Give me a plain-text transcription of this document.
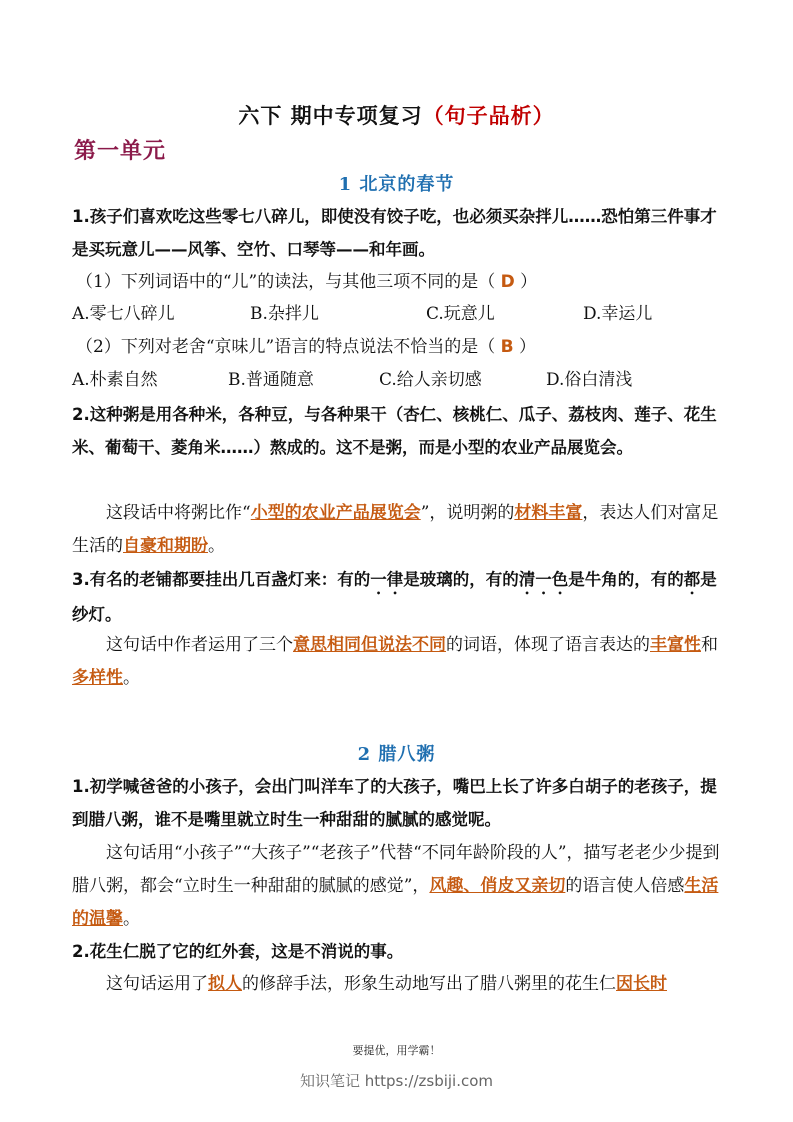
六下 期中专项复习（句子品析）
第一单元
1 北京的春节
1.孩子们喜欢吃这些零七八碎儿，即使没有饺子吃，也必须买杂拌儿……恐怕第三件事才是买玩意儿——风筝、空竹、口琴等——和年画。
（1）下列词语中的“儿”的读法，与其他三项不同的是（ D ）
A.零七八碎儿	B.杂拌儿	C.玩意儿	D.幸运儿
（2）下列对老舍“京味儿”语言的特点说法不恰当的是（ B ）
A.朴素自然	B.普通随意	C.给人亲切感	D.俗白清浅
2.这种粥是用各种米，各种豆，与各种果干（杏仁、核桃仁、瓜子、荔枝肉、莲子、花生米、葡萄干、菱角米……）熬成的。这不是粥，而是小型的农业产品展览会。
这段话中将粥比作“小型的农业产品展览会”，说明粥的材料丰富，表达人们对富足生活的自豪和期盼。
3.有名的老铺都要挂出几百盏灯来：有的一律是玻璃的，有的清一色是牛角的，有的都是纱灯。
这句话中作者运用了三个意思相同但说法不同的词语，体现了语言表达的丰富性和多样性。
2 腊八粥
1.初学喊爸爸的小孩子，会出门叫洋车了的大孩子，嘴巴上长了许多白胡子的老孩子，提到腊八粥，谁不是嘴里就立时生一种甜甜的腻腻的感觉呢。
这句话用“小孩子”“大孩子”“老孩子”代替“不同年龄阶段的人”，描写老老少少提到腊八粥，都会“立时生一种甜甜的腻腻的感觉”，风趣、俏皮又亲切的语言使人倍感生活的温馨。
2.花生仁脱了它的红外套，这是不消说的事。
这句话运用了拟人的修辞手法，形象生动地写出了腊八粥里的花生仁因长时
要提优，用学霸！
知识笔记 https://zsbiji.com
